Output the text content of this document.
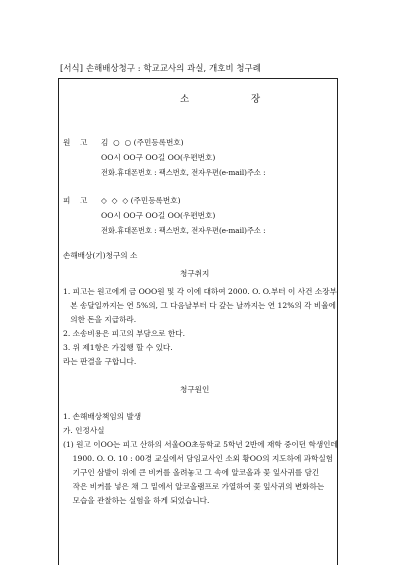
[서식] 손해배상청구 : 학교교사의 과실, 개호비 청구례
소	장
원    고 김  ○  ○ (주민등록번호)
OO시 OO구 OO길 OO(우편번호)
전화.휴대폰번호 : 팩스번호, 전자우편(e-mail)주소 :
피    고 ◇  ◇  ◇ (주민등록번호)
OO시 OO구 OO길 OO(우편번호)
전화.휴대폰번호 : 팩스번호, 전자우편(e-mail)주소 :
손해배상(기)청구의 소
청구취지
1. 피고는 원고에게 금 OOO원 및 각 이에 대하여 2000. O. O.부터 이 사건 소장부
본 송달일까지는 연 5%의, 그 다음날부터 다 갚는 날까지는 연 12%의 각 비율에
의한 돈을 지급하라.
2. 소송비용은 피고의 부담으로 한다.
3. 위 제1항은 가집행 할 수 있다.
라는 판결을 구합니다.
청구원인
1. 손해배상책임의 발생
가. 인정사실
(1) 원고 이OO는 피고 산하의 서울OO초등학교 5학년 2반에 재학 중이던 학생인데
1900. O. O. 10 : 00경 교실에서 담임교사인 소외 황OO의 지도하에 과학실험
기구인 삼발이 위에 큰 비커를 올려놓고 그 속에 알코올과 꽃 잎사귀를 담긴
작은 비커를 넣은 채 그 밑에서 알코올램프로 가열하여 꽃 잎사귀의 변화하는
모습을 관찰하는 실험을 하게 되었습니다.
